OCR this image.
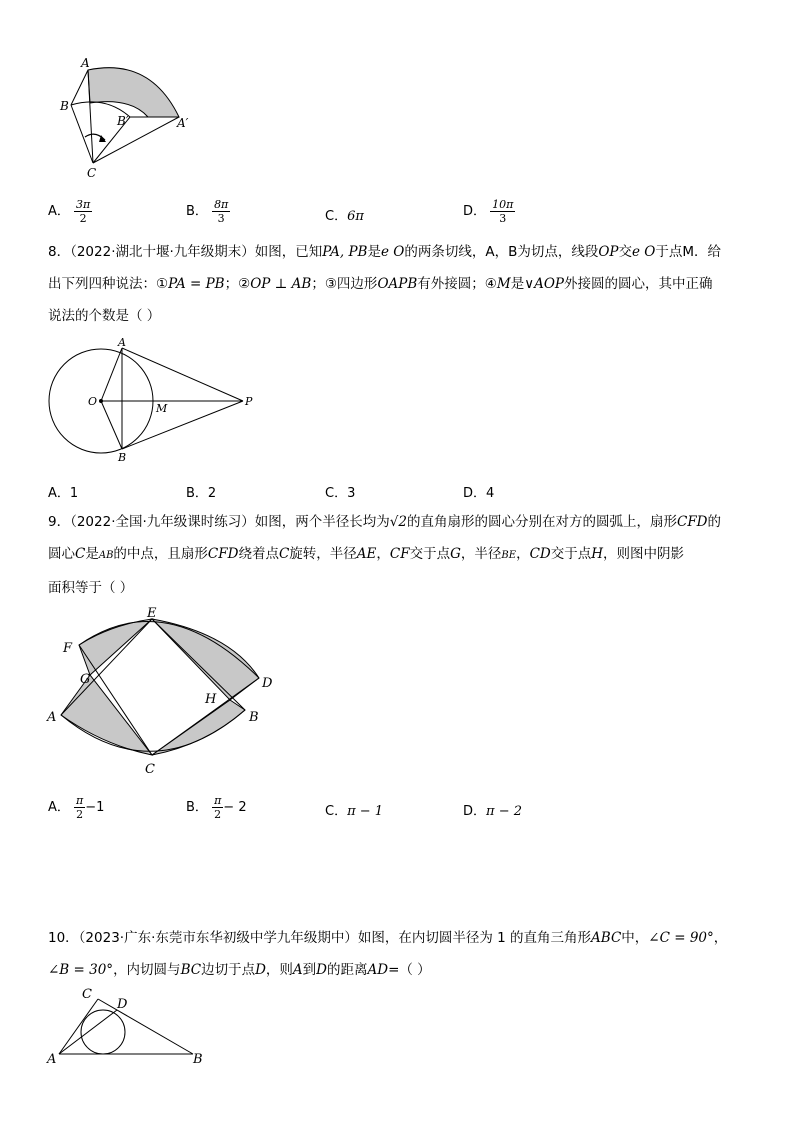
A
B
B′	A′
C
A． $\frac{3\pi}{2}$	B． $\frac{8\pi}{3}$	C．6π	D． $\frac{10\pi}{3}$
8．（2022·湖北十堰·九年级期末）如图，已知PA, PB是e O的两条切线，A，B为切点，线段OP交e O于点M．给
出下列四种说法：①PA = PB；②OP ⊥ AB；③四边形OAPB有外接圆；④M是∨AOP外接圆的圆心，其中正确
说法的个数是（ ）
A
O
M
P
B
A．1	B．2	C．3	D．4
9．（2022·全国·九年级课时练习）如图，两个半径长均为√2的直角扇形的圆心分别在对方的圆弧上，扇形CFD的
圆心C是AB的中点，且扇形CFD绕着点C旋转，半径AE，CF交于点G，半径BE，CD交于点H，则图中阴影
面积等于（ ）
E
F
G	D
H
A	B
C
A． $\frac{\pi}{2} -1$	B． $\frac{\pi}{2} - 2$	C．π − 1	D．π − 2
10．（2023·广东·东莞市东华初级中学九年级期中）如图，在内切圆半径为 1 的直角三角形ABC中，∠C = 90°，
∠B = 30°，内切圆与BC边切于点D，则A到D的距离AD=（ ）
C
D
A	B
